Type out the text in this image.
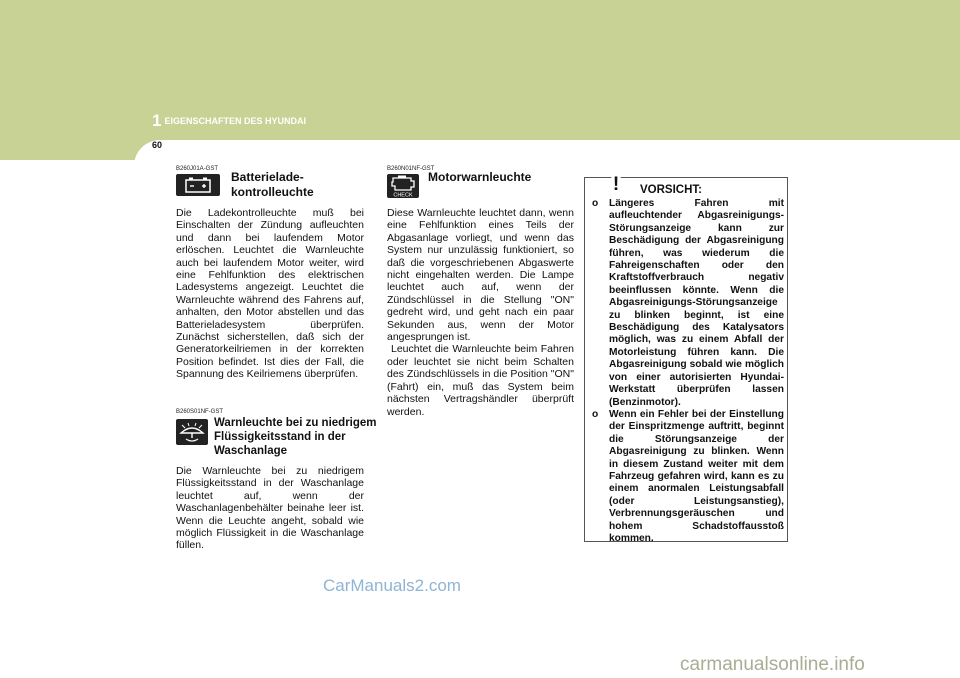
1 EIGENSCHAFTEN DES HYUNDAI
60
B260J01A-GST
Batterielade-
kontrolleuchte

Die Ladekontrolleuchte muß bei Einschalten der Zündung aufleuchten und dann bei laufendem Motor erlöschen. Leuchtet die Warnleuchte auch bei laufendem Motor weiter, wird eine Fehlfunktion des elektrischen Ladesystems angezeigt. Leuchtet die Warnleuchte während des Fahrens auf, anhalten, den Motor abstellen und das Batterieladesystem überprüfen. Zunächst sicherstellen, daß sich der Generatorkeilriemen in der korrekten Position befindet. Ist dies der Fall, die Spannung des Keilriemens überprüfen.

B260S01NF-GST
Warnleuchte bei zu niedrigem
Flüssigkeitsstand in der
Waschanlage

Die Warnleuchte bei zu niedrigem Flüssigkeitsstand in der Waschanlage leuchtet auf, wenn der Waschanlagenbehälter beinahe leer ist. Wenn die Leuchte angeht, sobald wie möglich Flüssigkeit in die Waschanlage füllen.

B260N01NF-GST
CHECK
Motorwarnleuchte

Diese Warnleuchte leuchtet dann, wenn eine Fehlfunktion eines Teils der Abgasanlage vorliegt, und wenn das System nur unzulässig funktioniert, so daß die vorgeschriebenen Abgaswerte nicht eingehalten werden. Die Lampe leuchtet auch auf, wenn der Zündschlüssel in die Stellung "ON" gedreht wird, und geht nach ein paar Sekunden aus, wenn der Motor angesprungen ist.

Leuchtet die Warnleuchte beim Fahren oder leuchtet sie nicht beim Schalten des Zündschlüssels in die Position "ON" (Fahrt) ein, muß das System beim nächsten Vertragshändler überprüft werden.

! VORSICHT:
o Längeres Fahren mit aufleuchtender Abgasreinigungs-Störungsanzeige kann zur Beschädigung der Abgasreinigung führen, was wiederum die Fahreigenschaften oder den Kraftstoffverbrauch negativ beeinflussen könnte. Wenn die Abgasreinigungs-Störungsanzeige zu blinken beginnt, ist eine Beschädigung des Katalysators möglich, was zu einem Abfall der Motorleistung führen kann. Die Abgasreinigung sobald wie möglich von einer autorisierten Hyundai-Werkstatt überprüfen lassen (Benzinmotor).
o Wenn ein Fehler bei der Einstellung der Einspritzmenge auftritt, beginnt die Störungsanzeige der Abgasreinigung zu blinken. Wenn in diesem Zustand weiter mit dem Fahrzeug gefahren wird, kann es zu einem anormalen Leistungsabfall (oder Leistungsanstieg), Verbrennungsgeräuschen und hohem Schadstoffausstoß kommen.
CarManuals2.com
carmanualsonline.info
